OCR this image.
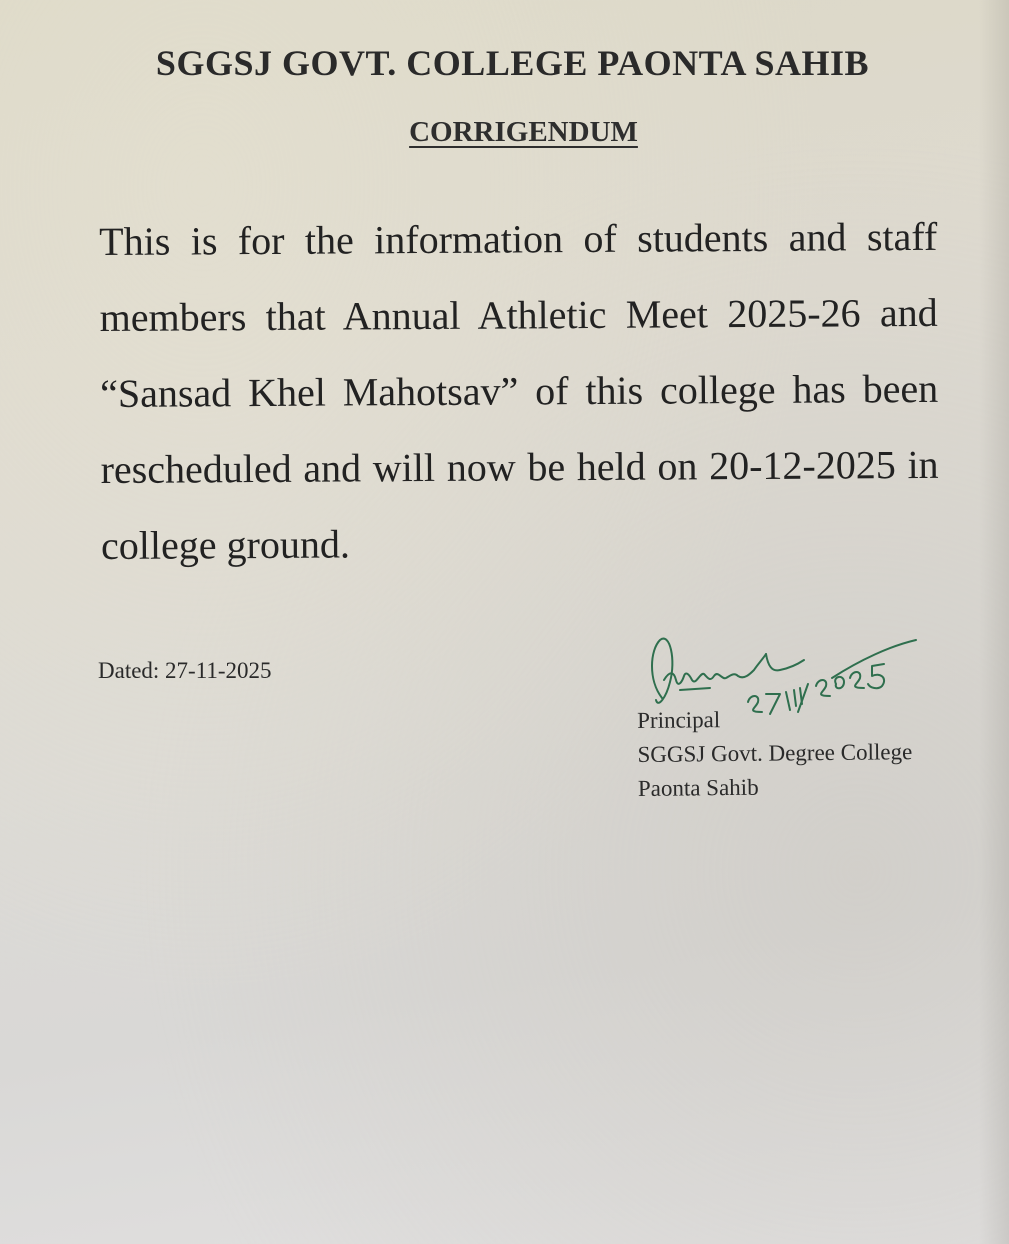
SGGSJ GOVT. COLLEGE PAONTA SAHIB
CORRIGENDUM
This is for the information of students and staff members that Annual Athletic Meet 2025-26 and “Sansad Khel Mahotsav” of this college has been rescheduled and will now be held on 20-12-2025 in college ground.
Dated: 27-11-2025
Principal
SGGSJ Govt. Degree College
Paonta Sahib
